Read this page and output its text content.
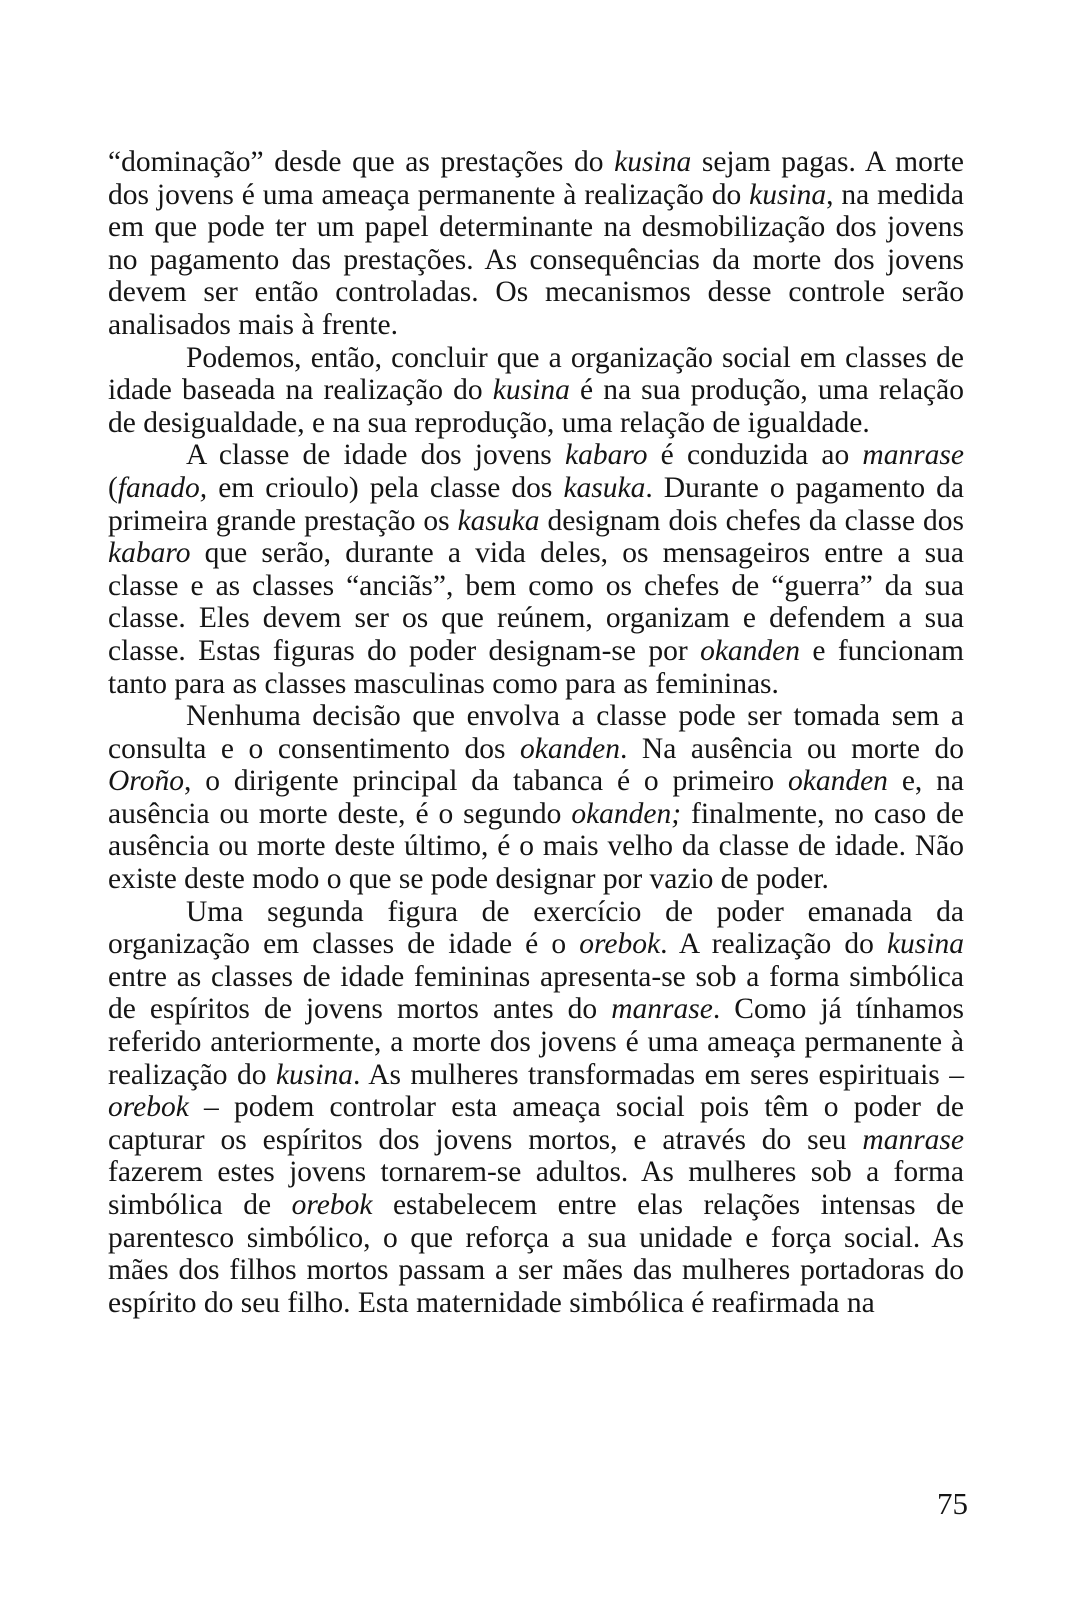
“dominação” desde que as prestações do kusina sejam pagas. A morte dos jovens é uma ameaça permanente à realização do kusina, na medida em que pode ter um papel determinante na desmobilização dos jovens no pagamento das prestações. As consequências da morte dos jovens devem ser então controladas. Os mecanismos desse controle serão analisados mais à frente.

Podemos, então, concluir que a organização social em classes de idade baseada na realização do kusina é na sua produção, uma relação de desigualdade, e na sua reprodução, uma relação de igualdade.

A classe de idade dos jovens kabaro é conduzida ao manrase (fanado, em crioulo) pela classe dos kasuka. Durante o pagamento da primeira grande prestação os kasuka designam dois chefes da classe dos kabaro que serão, durante a vida deles, os mensageiros entre a sua classe e as classes “anciãs”, bem como os chefes de “guerra” da sua classe. Eles devem ser os que reúnem, organizam e defendem a sua classe. Estas figuras do poder designam-se por okanden e funcionam tanto para as classes masculinas como para as femininas.

Nenhuma decisão que envolva a classe pode ser tomada sem a consulta e o consentimento dos okanden. Na ausência ou morte do Oroño, o dirigente principal da tabanca é o primeiro okanden e, na ausência ou morte deste, é o segundo okanden; finalmente, no caso de ausência ou morte deste último, é o mais velho da classe de idade. Não existe deste modo o que se pode designar por vazio de poder.

Uma segunda figura de exercício de poder emanada da organização em classes de idade é o orebok. A realização do kusina entre as classes de idade femininas apresenta-se sob a forma simbólica de espíritos de jovens mortos antes do manrase. Como já tínhamos referido anteriormente, a morte dos jovens é uma ameaça permanente à realização do kusina. As mulheres transformadas em seres espirituais – orebok – podem controlar esta ameaça social pois têm o poder de capturar os espíritos dos jovens mortos, e através do seu manrase fazerem estes jovens tornarem-se adultos. As mulheres sob a forma simbólica de orebok estabelecem entre elas relações intensas de parentesco simbólico, o que reforça a sua unidade e força social. As mães dos filhos mortos passam a ser mães das mulheres portadoras do espírito do seu filho. Esta maternidade simbólica é reafirmada na

75
